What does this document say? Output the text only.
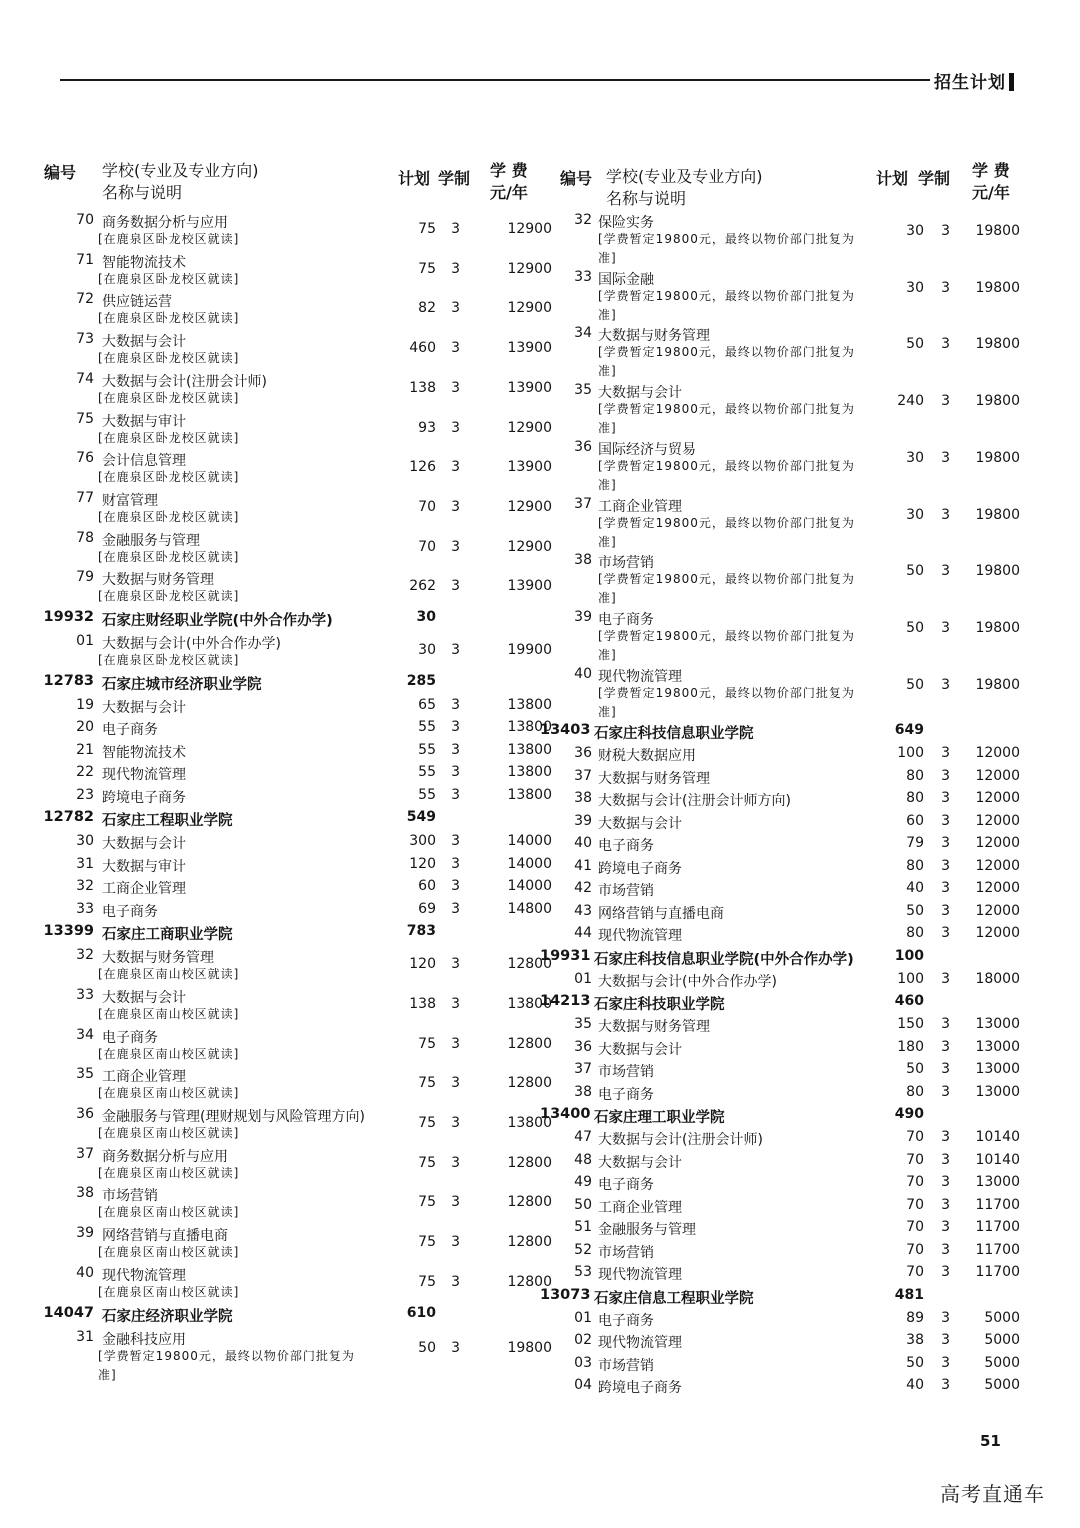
招生计划
编号 学校(专业及专业方向)
名称与说明
计划 学制 学 费
元/年
70 商务数据分析与应用	75	3	12900
[在鹿泉区卧龙校区就读]
71 智能物流技术	75	3	12900
[在鹿泉区卧龙校区就读]
72 供应链运营	82	3	12900
[在鹿泉区卧龙校区就读]
73 大数据与会计	460	3	13900
[在鹿泉区卧龙校区就读]
74 大数据与会计(注册会计师)	138	3	13900
[在鹿泉区卧龙校区就读]
75 大数据与审计	93	3	12900
[在鹿泉区卧龙校区就读]
76 会计信息管理	126	3	13900
[在鹿泉区卧龙校区就读]
77 财富管理	70	3	12900
[在鹿泉区卧龙校区就读]
78 金融服务与管理	70	3	12900
[在鹿泉区卧龙校区就读]
79 大数据与财务管理	262	3	13900
[在鹿泉区卧龙校区就读]
19932 石家庄财经职业学院(中外合作办学)	30
01 大数据与会计(中外合作办学)	30	3	19900
[在鹿泉区卧龙校区就读]
12783 石家庄城市经济职业学院	285
19 大数据与会计	65	3	13800
20 电子商务	55	3	13800
21 智能物流技术	55	3	13800
22 现代物流管理	55	3	13800
23 跨境电子商务	55	3	13800
12782 石家庄工程职业学院	549
30 大数据与会计	300	3	14000
31 大数据与审计	120	3	14000
32 工商企业管理	60	3	14000
33 电子商务	69	3	14800
13399 石家庄工商职业学院	783
32 大数据与财务管理	120	3	12800
[在鹿泉区南山校区就读]
33 大数据与会计	138	3	13800
[在鹿泉区南山校区就读]
34 电子商务	75	3	12800
[在鹿泉区南山校区就读]
35 工商企业管理	75	3	12800
[在鹿泉区南山校区就读]
36 金融服务与管理(理财规划与风险管理方向)	75	3	13800
[在鹿泉区南山校区就读]
37 商务数据分析与应用	75	3	12800
[在鹿泉区南山校区就读]
38 市场营销	75	3	12800
[在鹿泉区南山校区就读]
39 网络营销与直播电商	75	3	12800
[在鹿泉区南山校区就读]
40 现代物流管理	75	3	12800
[在鹿泉区南山校区就读]
14047 石家庄经济职业学院	610
31 金融科技应用	50	3	19800
[学费暂定19800元，最终以物价部门批复为
准]
编号 学校(专业及专业方向)
名称与说明
计划 学制 学 费
元/年
32 保险实务	30	3	19800
[学费暂定19800元，最终以物价部门批复为
准]
33 国际金融	30	3	19800
[学费暂定19800元，最终以物价部门批复为
准]
34 大数据与财务管理	50	3	19800
[学费暂定19800元，最终以物价部门批复为
准]
35 大数据与会计	240	3	19800
[学费暂定19800元，最终以物价部门批复为
准]
36 国际经济与贸易	30	3	19800
[学费暂定19800元，最终以物价部门批复为
准]
37 工商企业管理	30	3	19800
[学费暂定19800元，最终以物价部门批复为
准]
38 市场营销	50	3	19800
[学费暂定19800元，最终以物价部门批复为
准]
39 电子商务	50	3	19800
[学费暂定19800元，最终以物价部门批复为
准]
40 现代物流管理	50	3	19800
[学费暂定19800元，最终以物价部门批复为
准]
13403 石家庄科技信息职业学院	649
36 财税大数据应用	100	3	12000
37 大数据与财务管理	80	3	12000
38 大数据与会计(注册会计师方向)	80	3	12000
39 大数据与会计	60	3	12000
40 电子商务	79	3	12000
41 跨境电子商务	80	3	12000
42 市场营销	40	3	12000
43 网络营销与直播电商	50	3	12000
44 现代物流管理	80	3	12000
19931 石家庄科技信息职业学院(中外合作办学)	100
01 大数据与会计(中外合作办学)	100	3	18000
14213 石家庄科技职业学院	460
35 大数据与财务管理	150	3	13000
36 大数据与会计	180	3	13000
37 市场营销	50	3	13000
38 电子商务	80	3	13000
13400 石家庄理工职业学院	490
47 大数据与会计(注册会计师)	70	3	10140
48 大数据与会计	70	3	10140
49 电子商务	70	3	13000
50 工商企业管理	70	3	11700
51 金融服务与管理	70	3	11700
52 市场营销	70	3	11700
53 现代物流管理	70	3	11700
13073 石家庄信息工程职业学院	481
01 电子商务	89	3	5000
02 现代物流管理	38	3	5000
03 市场营销	50	3	5000
04 跨境电子商务	40	3	5000
51
高考直通车
